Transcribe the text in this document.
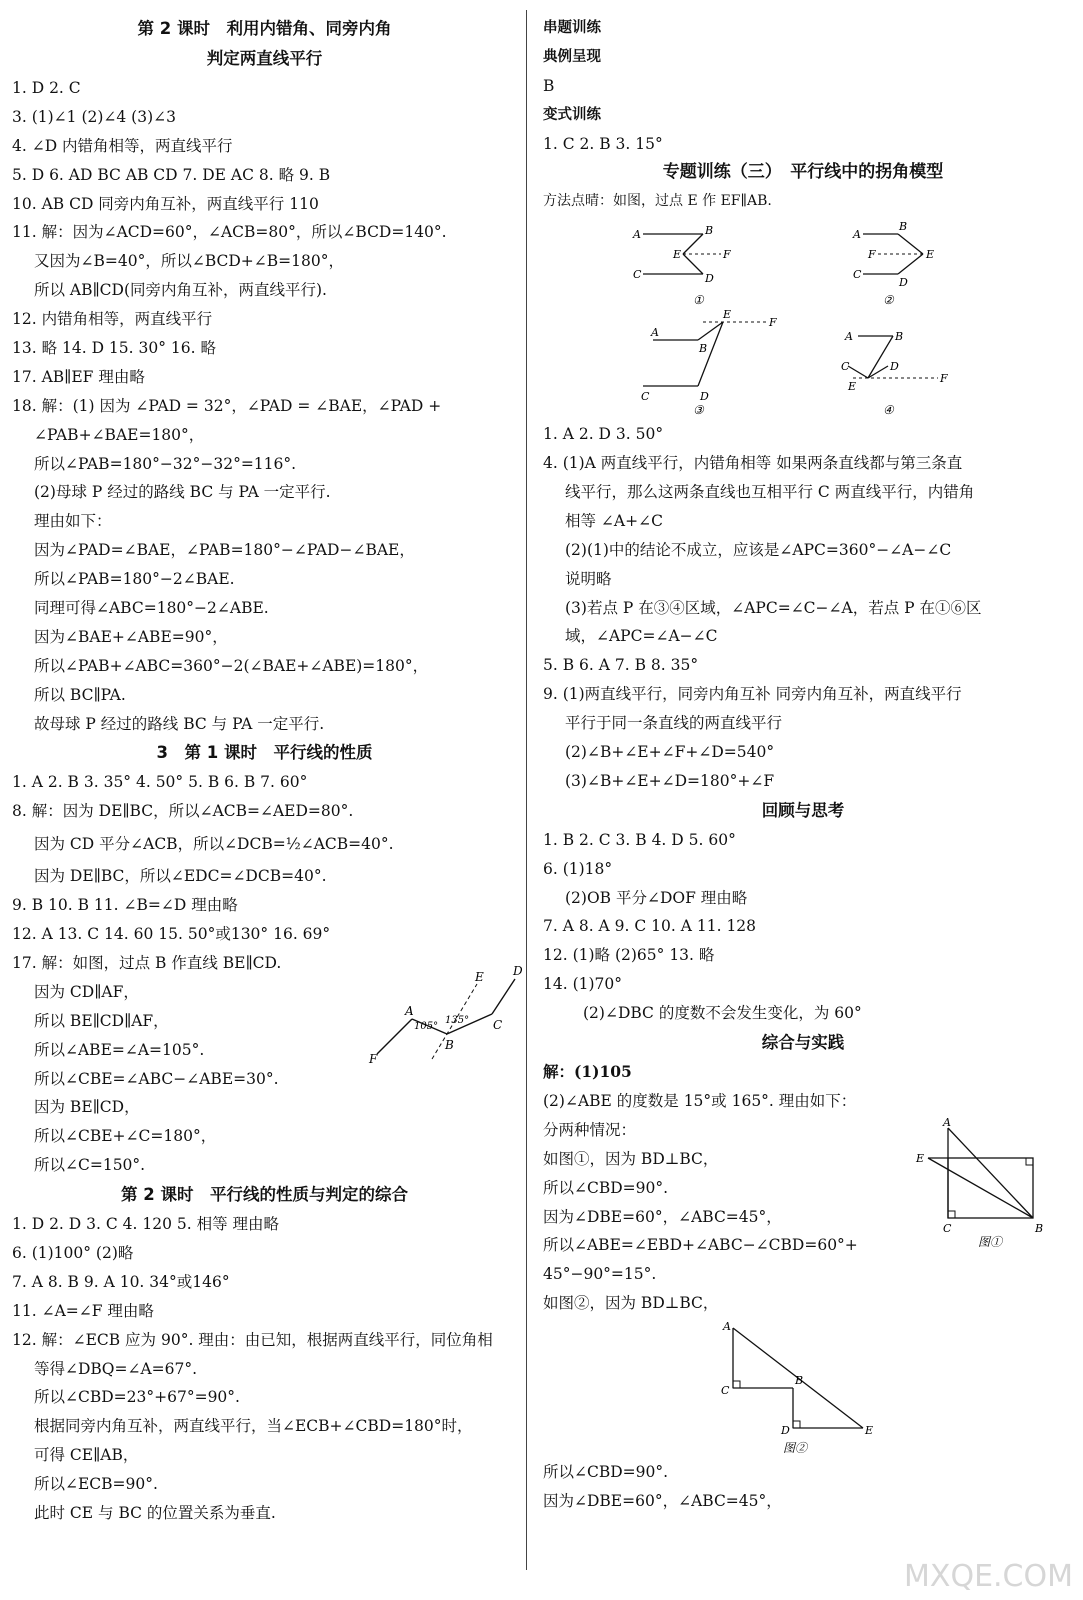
第 2 课时　利用内错角、同旁内角
判定两直线平行
1. D 2. C
3. (1)∠1 (2)∠4 (3)∠3
4. ∠D 内错角相等，两直线平行
5. D 6. AD BC AB CD 7. DE AC 8. 略 9. B
10. AB CD 同旁内角互补，两直线平行 110
11. 解：因为∠ACD=60°，∠ACB=80°，所以∠BCD=140°.
又因为∠B=40°，所以∠BCD+∠B=180°，
所以 AB∥CD(同旁内角互补，两直线平行).
12. 内错角相等，两直线平行
13. 略 14. D 15. 30° 16. 略
17. AB∥EF 理由略
18. 解：(1) 因为 ∠PAD = 32°，∠PAD = ∠BAE，∠PAD +
∠PAB+∠BAE=180°，
所以∠PAB=180°−32°−32°=116°.
(2)母球 P 经过的路线 BC 与 PA 一定平行.
理由如下：
因为∠PAD=∠BAE，∠PAB=180°−∠PAD−∠BAE，
所以∠PAB=180°−2∠BAE.
同理可得∠ABC=180°−2∠ABE.
因为∠BAE+∠ABE=90°，
所以∠PAB+∠ABC=360°−2(∠BAE+∠ABE)=180°，
所以 BC∥PA.
故母球 P 经过的路线 BC 与 PA 一定平行.
3　第 1 课时　平行线的性质
1. A 2. B 3. 35° 4. 50° 5. B 6. B 7. 60°
8. 解：因为 DE∥BC，所以∠ACB=∠AED=80°.
因为 CD 平分∠ACB，所以∠DCB=½∠ACB=40°.
因为 DE∥BC，所以∠EDC=∠DCB=40°.
9. B 10. B 11. ∠B=∠D 理由略
12. A 13. C 14. 60 15. 50°或130° 16. 69°
17. 解：如图，过点 B 作直线 BE∥CD.
因为 CD∥AF，
所以 BE∥CD∥AF，
所以∠ABE=∠A=105°.
所以∠CBE=∠ABC−∠ABE=30°.
因为 BE∥CD，
所以∠CBE+∠C=180°，
所以∠C=150°.
F
A
B
C
D
E
105°
135°
第 2 课时　平行线的性质与判定的综合
1. D 2. D 3. C 4. 120 5. 相等 理由略
6. (1)100° (2)略
7. A 8. B 9. A 10. 34°或146°
11. ∠A=∠F 理由略
12. 解：∠ECB 应为 90°. 理由：由已知，根据两直线平行，同位角相
等得∠DBQ=∠A=67°.
所以∠CBD=23°+67°=90°.
根据同旁内角互补，两直线平行，当∠ECB+∠CBD=180°时，
可得 CE∥AB，
所以∠ECB=90°.
此时 CE 与 BC 的位置关系为垂直.
串题训练
典例呈现
B
变式训练
1. C 2. B 3. 15°
专题训练（三）　平行线中的拐角模型
方法点晴：如图，过点 E 作 EF∥AB.
A	B
E	F
C	D
①
A
B
F	E
C
D
②
A
B
E
F
C	D
③
A	B
C	D
E
F
④
1. A 2. D 3. 50°
4. (1)A 两直线平行，内错角相等 如果两条直线都与第三条直
线平行，那么这两条直线也互相平行 C 两直线平行，内错角
相等 ∠A+∠C
(2)(1)中的结论不成立，应该是∠APC=360°−∠A−∠C
说明略
(3)若点 P 在③④区域，∠APC=∠C−∠A，若点 P 在①⑥区
域，∠APC=∠A−∠C
5. B 6. A 7. B 8. 35°
9. (1)两直线平行，同旁内角互补 同旁内角互补，两直线平行
平行于同一条直线的两直线平行
(2)∠B+∠E+∠F+∠D=540°
(3)∠B+∠E+∠D=180°+∠F
回顾与思考
1. B 2. C 3. B 4. D 5. 60°
6. (1)18°
(2)OB 平分∠DOF 理由略
7. A 8. A 9. C 10. A 11. 128
12. (1)略 (2)65° 13. 略
14. (1)70°
(2)∠DBC 的度数不会发生变化，为 60°
综合与实践
解：(1)105
(2)∠ABE 的度数是 15°或 165°. 理由如下：
分两种情况：
如图①，因为 BD⊥BC，
所以∠CBD=90°.
因为∠DBE=60°，∠ABC=45°，
所以∠ABE=∠EBD+∠ABC−∠CBD=60°+
45°−90°=15°.
如图②，因为 BD⊥BC，
A
E
C	B
图①
A
C
B
D	E
图②
所以∠CBD=90°.
因为∠DBE=60°，∠ABC=45°，
MXQE.COM
